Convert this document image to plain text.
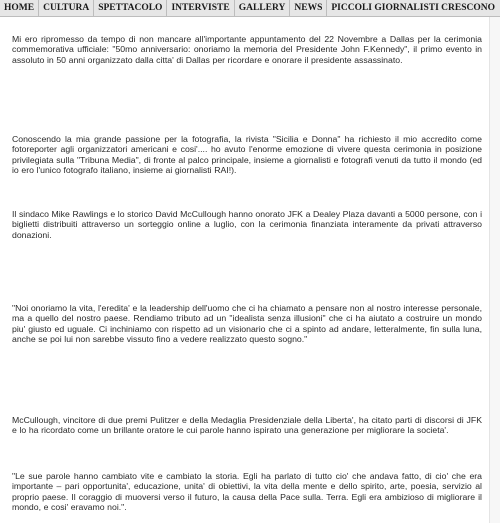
HOME CULTURA SPETTACOLO INTERVISTE GALLERY NEWS PICCOLI GIORNALISTI CRESCONO

Mi ero ripromesso da tempo di non mancare all'importante appuntamento del 22 Novembre a Dallas per la cerimonia commemorativa ufficiale: "50mo anniversario: onoriamo la memoria del Presidente John F.Kennedy", il primo evento in assoluto in 50 anni organizzato dalla citta' di Dallas per ricordare e onorare il presidente assassinato.

Conoscendo la mia grande passione per la fotografia, la rivista "Sicilia e Donna" ha richiesto il mio accredito come fotoreporter agli organizzatori americani e cosi'.... ho avuto l'enorme emozione di vivere questa cerimonia in posizione privilegiata sulla "Tribuna Media", di fronte al palco principale, insieme a giornalisti e fotografi venuti da tutto il mondo (ed io ero l'unico fotografo italiano, insieme ai giornalisti RAI!).

Il sindaco Mike Rawlings e lo storico David McCullough hanno onorato JFK a Dealey Plaza davanti a 5000 persone, con i biglietti distribuiti attraverso un sorteggio online a luglio, con la cerimonia finanziata interamente da privati attraverso donazioni.

"Noi onoriamo la vita, l'eredita' e la leadership dell'uomo che ci ha chiamato a pensare non al nostro interesse personale, ma a quello del nostro paese. Rendiamo tributo ad un "idealista senza illusioni" che ci ha aiutato a costruire un mondo piu' giusto ed uguale. Ci inchiniamo con rispetto ad un visionario che ci a spinto ad andare, letteralmente, fin sulla luna, anche se poi lui non sarebbe vissuto fino a vedere realizzato questo sogno."

McCullough, vincitore di due premi Pulitzer e della Medaglia Presidenziale della Liberta', ha citato parti di discorsi di JFK e lo ha ricordato come un brillante oratore le cui parole hanno ispirato una generazione per migliorare la societa'.

"Le sue parole hanno cambiato vite e cambiato la storia. Egli ha parlato di tutto cio' che andava fatto, di cio' che era importante – pari opportunita', educazione, unita' di obiettivi, la vita della mente e dello spirito, arte, poesia, servizio al proprio paese. Il coraggio di muoversi verso il futuro, la causa della Pace sulla. Terra. Egli era ambizioso di migliorare il mondo, e cosi' eravamo noi.".
